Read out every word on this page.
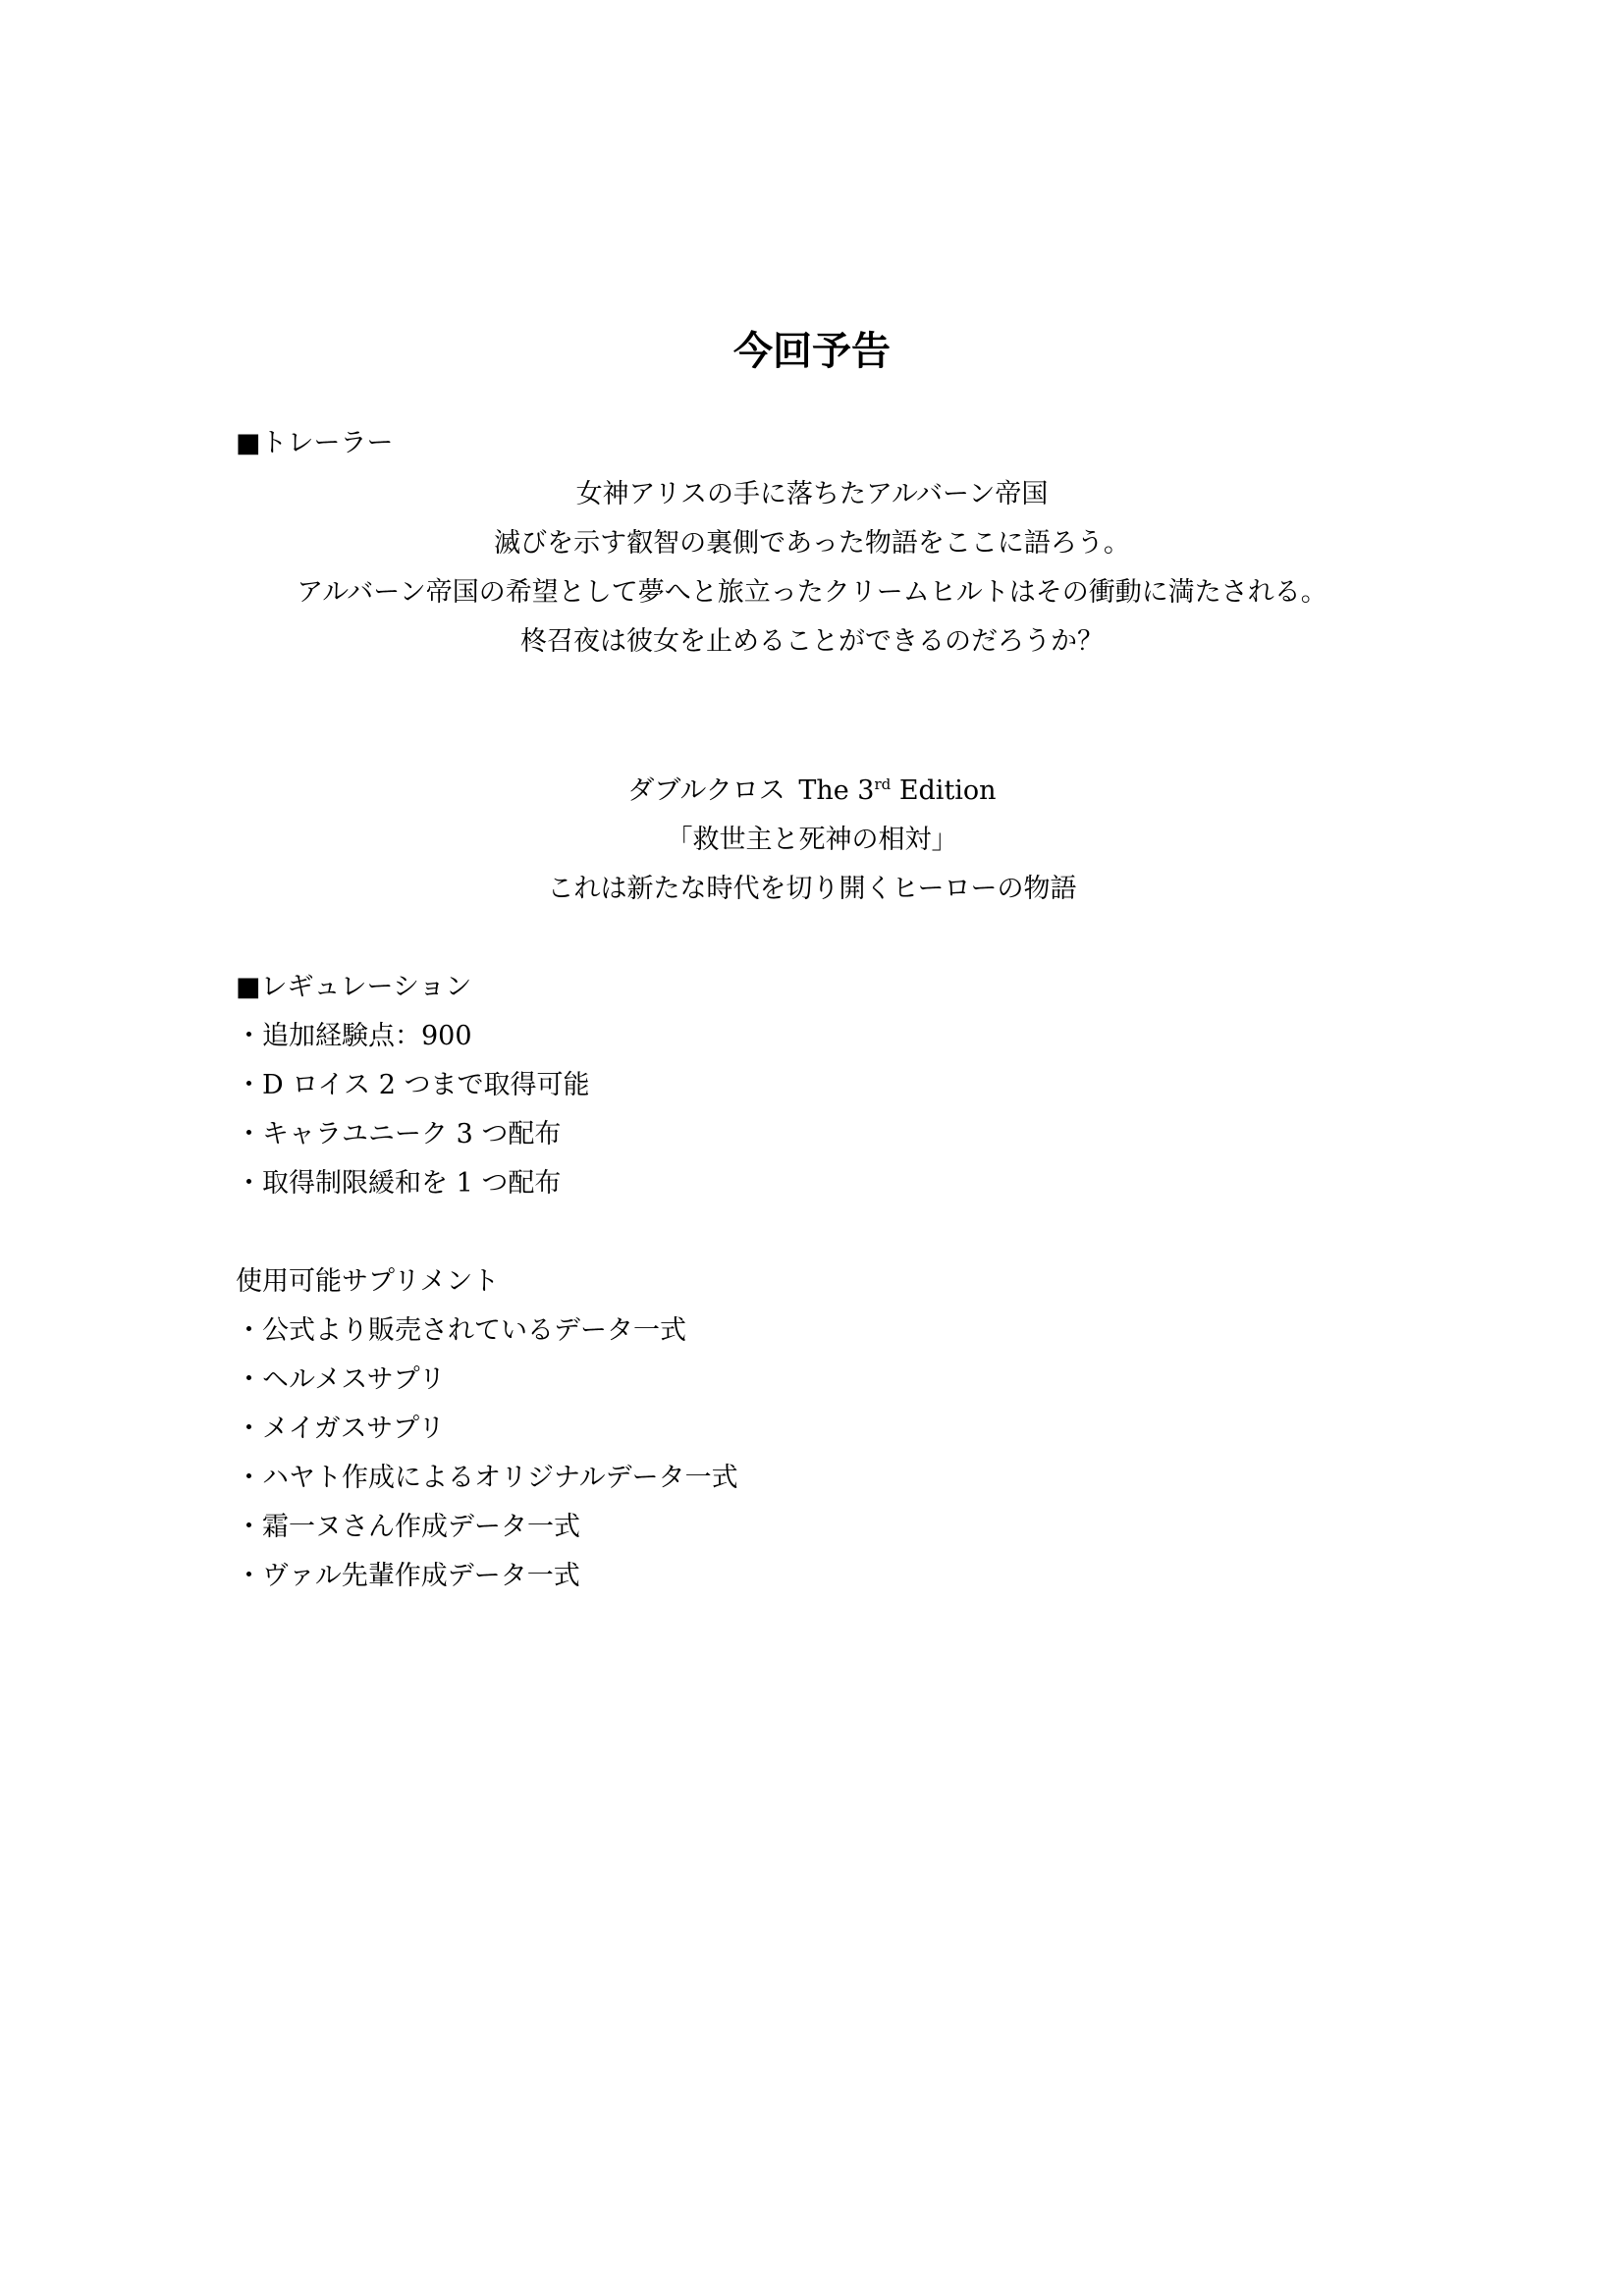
今回予告
■トレーラー
女神アリスの手に落ちたアルバーン帝国
滅びを示す叡智の裏側であった物語をここに語ろう。
アルバーン帝国の希望として夢へと旅立ったクリームヒルトはその衝動に満たされる。
柊召夜は彼女を止めることができるのだろうか？
ダブルクロス  The 3rd Edition
「救世主と死神の相対」
これは新たな時代を切り開くヒーローの物語
■レギュレーション
・追加経験点：900
・D ロイス 2 つまで取得可能
・キャラユニーク 3 つ配布
・取得制限緩和を 1 つ配布
使用可能サプリメント
・公式より販売されているデータ一式
・ヘルメスサプリ
・メイガスサプリ
・ハヤト作成によるオリジナルデータ一式
・霜一ヌさん作成データ一式
・ヴァル先輩作成データ一式
